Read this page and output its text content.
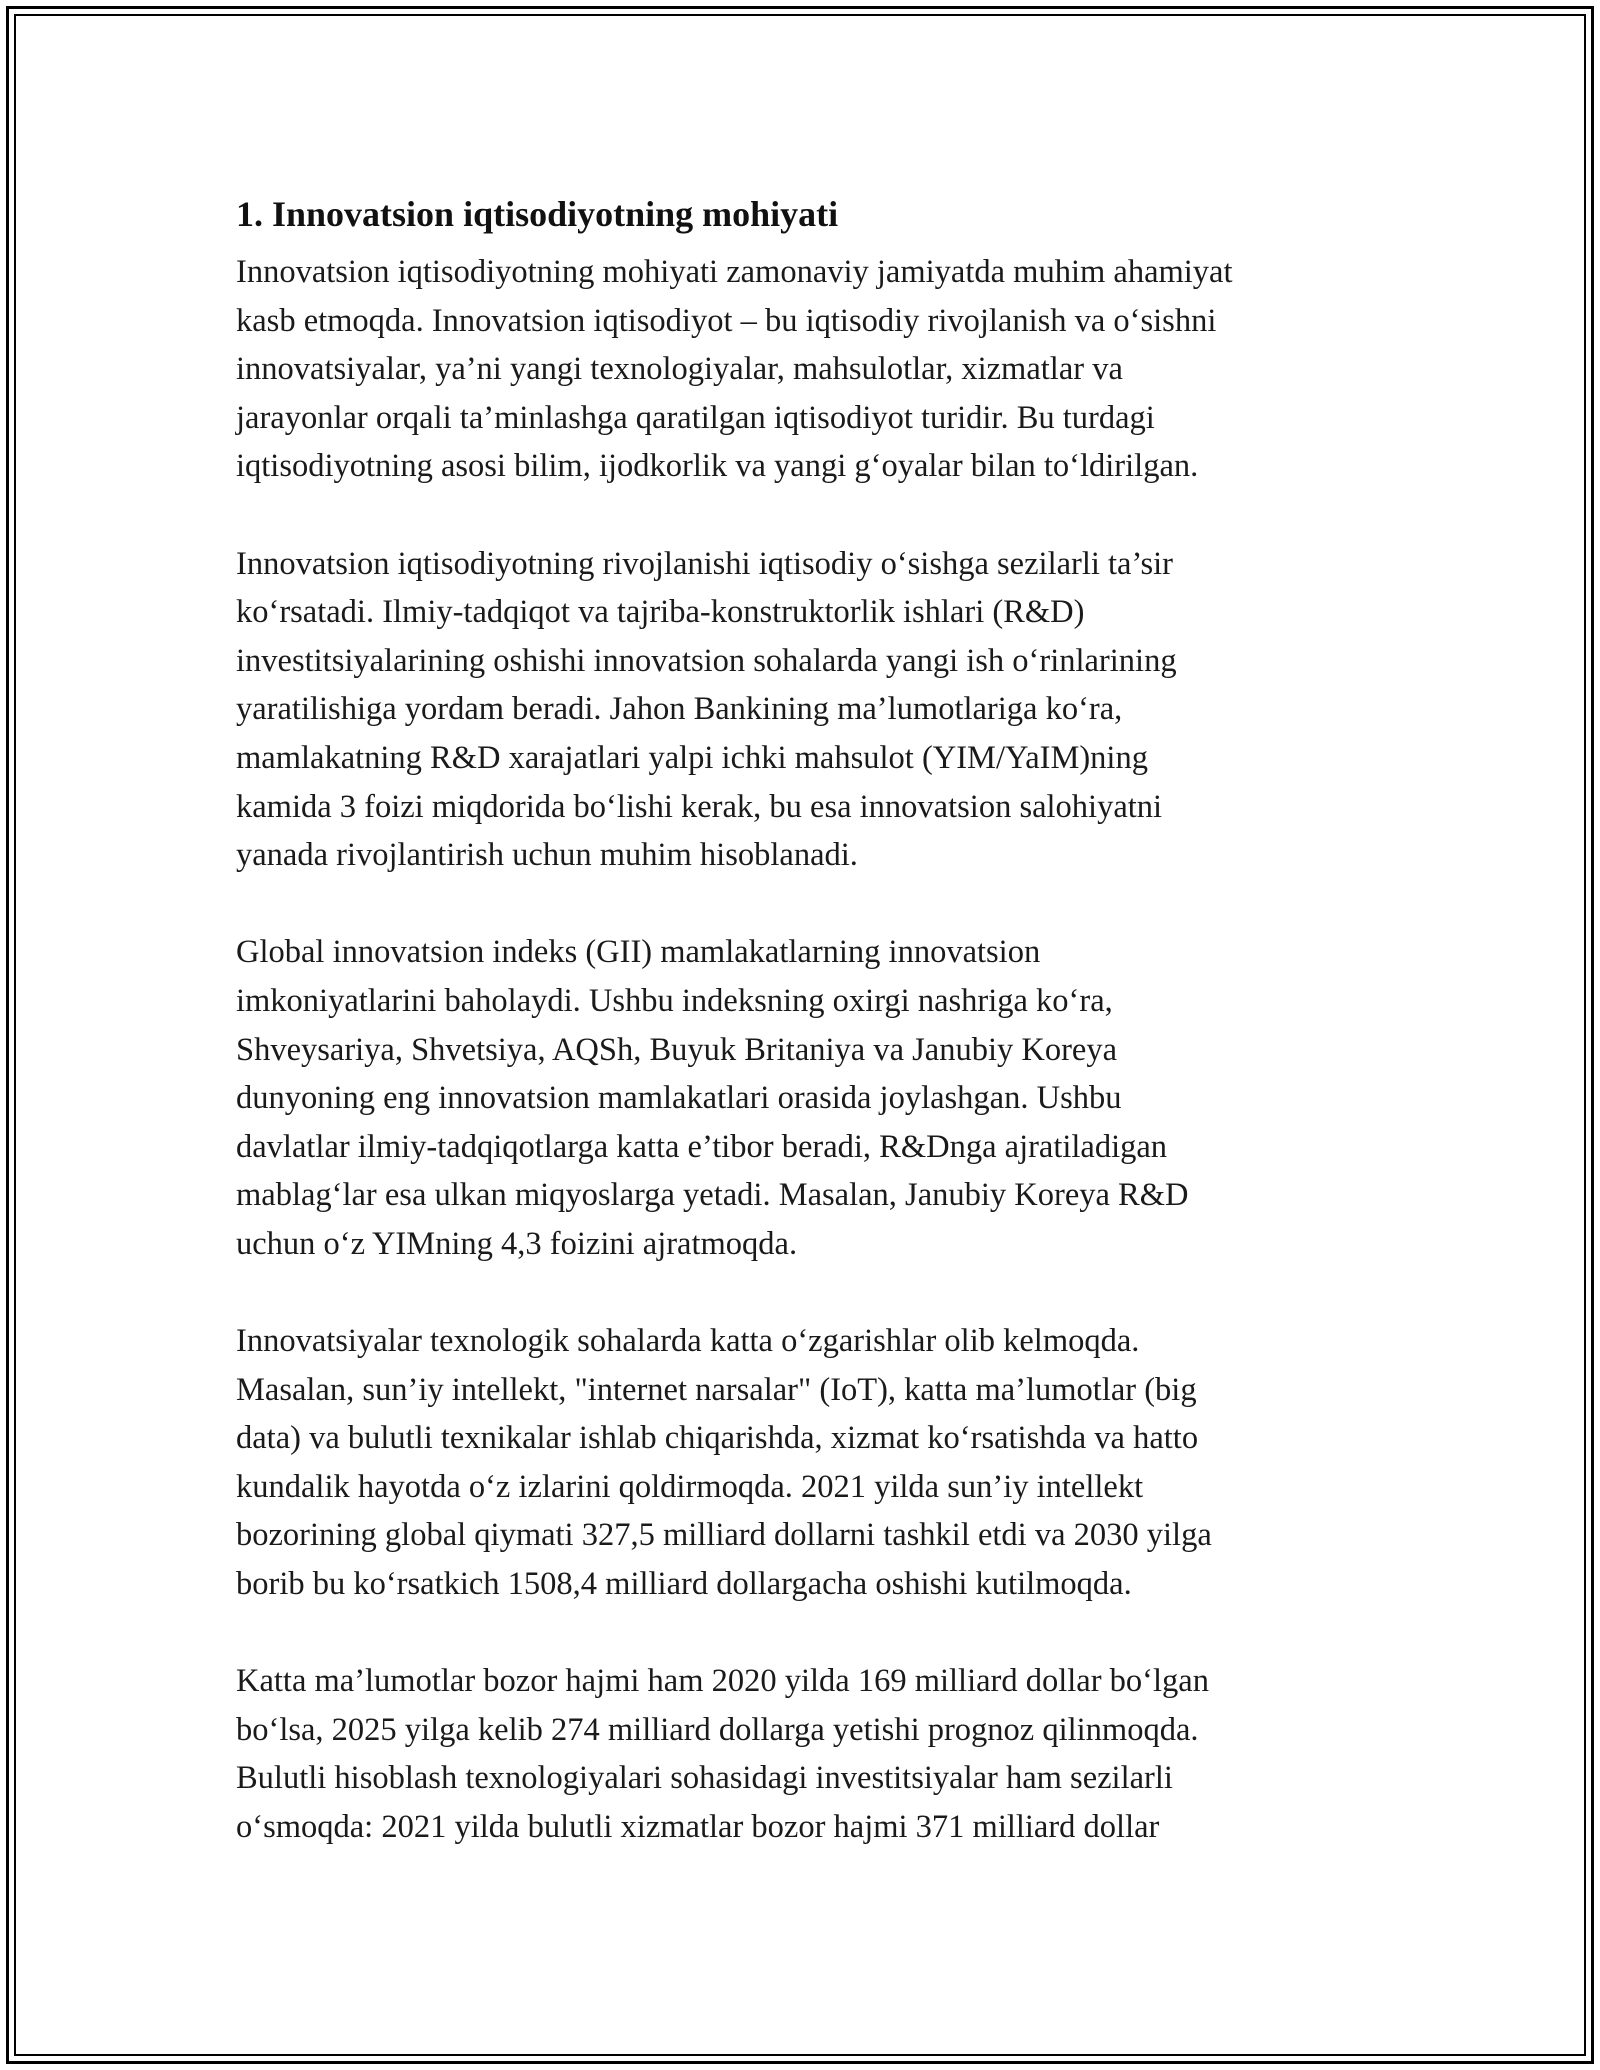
1. Innovatsion iqtisodiyotning mohiyati
Innovatsion iqtisodiyotning mohiyati zamonaviy jamiyatda muhim ahamiyat
kasb etmoqda. Innovatsion iqtisodiyot – bu iqtisodiy rivojlanish va o‘sishni
innovatsiyalar, ya’ni yangi texnologiyalar, mahsulotlar, xizmatlar va
jarayonlar orqali ta’minlashga qaratilgan iqtisodiyot turidir. Bu turdagi
iqtisodiyotning asosi bilim, ijodkorlik va yangi g‘oyalar bilan to‘ldirilgan.
Innovatsion iqtisodiyotning rivojlanishi iqtisodiy o‘sishga sezilarli ta’sir
ko‘rsatadi. Ilmiy-tadqiqot va tajriba-konstruktorlik ishlari (R&D)
investitsiyalarining oshishi innovatsion sohalarda yangi ish o‘rinlarining
yaratilishiga yordam beradi. Jahon Bankining ma’lumotlariga ko‘ra,
mamlakatning R&D xarajatlari yalpi ichki mahsulot (YIM/YaIM)ning
kamida 3 foizi miqdorida bo‘lishi kerak, bu esa innovatsion salohiyatni
yanada rivojlantirish uchun muhim hisoblanadi.
Global innovatsion indeks (GII) mamlakatlarning innovatsion
imkoniyatlarini baholaydi. Ushbu indeksning oxirgi nashriga ko‘ra,
Shveysariya, Shvetsiya, AQSh, Buyuk Britaniya va Janubiy Koreya
dunyoning eng innovatsion mamlakatlari orasida joylashgan. Ushbu
davlatlar ilmiy-tadqiqotlarga katta e’tibor beradi, R&Dnga ajratiladigan
mablag‘lar esa ulkan miqyoslarga yetadi. Masalan, Janubiy Koreya R&D
uchun o‘z YIMning 4,3 foizini ajratmoqda.
Innovatsiyalar texnologik sohalarda katta o‘zgarishlar olib kelmoqda.
Masalan, sun’iy intellekt, "internet narsalar" (IoT), katta ma’lumotlar (big
data) va bulutli texnikalar ishlab chiqarishda, xizmat ko‘rsatishda va hatto
kundalik hayotda o‘z izlarini qoldirmoqda. 2021 yilda sun’iy intellekt
bozorining global qiymati 327,5 milliard dollarni tashkil etdi va 2030 yilga
borib bu ko‘rsatkich 1508,4 milliard dollargacha oshishi kutilmoqda.
Katta ma’lumotlar bozor hajmi ham 2020 yilda 169 milliard dollar bo‘lgan
bo‘lsa, 2025 yilga kelib 274 milliard dollarga yetishi prognoz qilinmoqda.
Bulutli hisoblash texnologiyalari sohasidagi investitsiyalar ham sezilarli
o‘smoqda: 2021 yilda bulutli xizmatlar bozor hajmi 371 milliard dollar
